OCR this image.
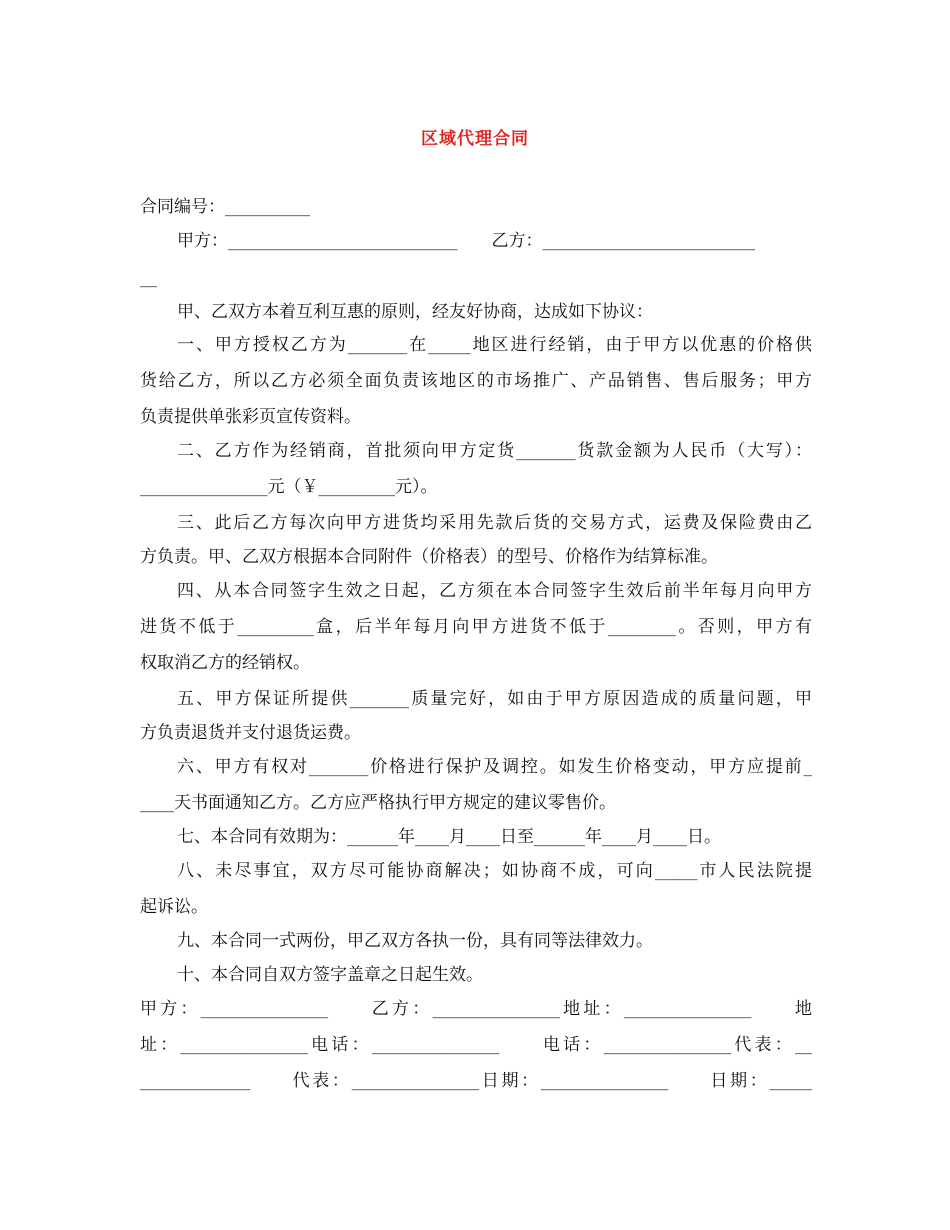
区域代理合同
合同编号：__________
甲方：___________________________　　乙方：_________________________
__
甲、乙双方本着互利互惠的原则，经友好协商，达成如下协议：
一、甲方授权乙方为_______在_____地区进行经销，由于甲方以优惠的价格供
货给乙方，所以乙方必须全面负责该地区的市场推广、产品销售、售后服务；甲方
负责提供单张彩页宣传资料。
二、乙方作为经销商，首批须向甲方定货_______货款金额为人民币（大写）：
_______________元（￥_________元）。
三、此后乙方每次向甲方进货均采用先款后货的交易方式，运费及保险费由乙
方负责。甲、乙双方根据本合同附件（价格表）的型号、价格作为结算标准。
四、从本合同签字生效之日起，乙方须在本合同签字生效后前半年每月向甲方
进货不低于_________盒，后半年每月向甲方进货不低于________。否则，甲方有
权取消乙方的经销权。
五、甲方保证所提供_______质量完好，如由于甲方原因造成的质量问题，甲
方负责退货并支付退货运费。
六、甲方有权对_______价格进行保护及调控。如发生价格变动，甲方应提前_
____天书面通知乙方。乙方应严格执行甲方规定的建议零售价。
七、本合同有效期为：______年____月____日至______年____月____日。
八、未尽事宜，双方尽可能协商解决；如协商不成，可向_____市人民法院提
起诉讼。
九、本合同一式两份，甲乙双方各执一份，具有同等法律效力。
十、本合同自双方签字盖章之日起生效。
甲方：_______________　　乙方：_______________地址：_______________　　地
址：_______________电话：_______________　　电话：_______________代表：__
_____________　　代表：_______________日期：_______________　　日期：_____
